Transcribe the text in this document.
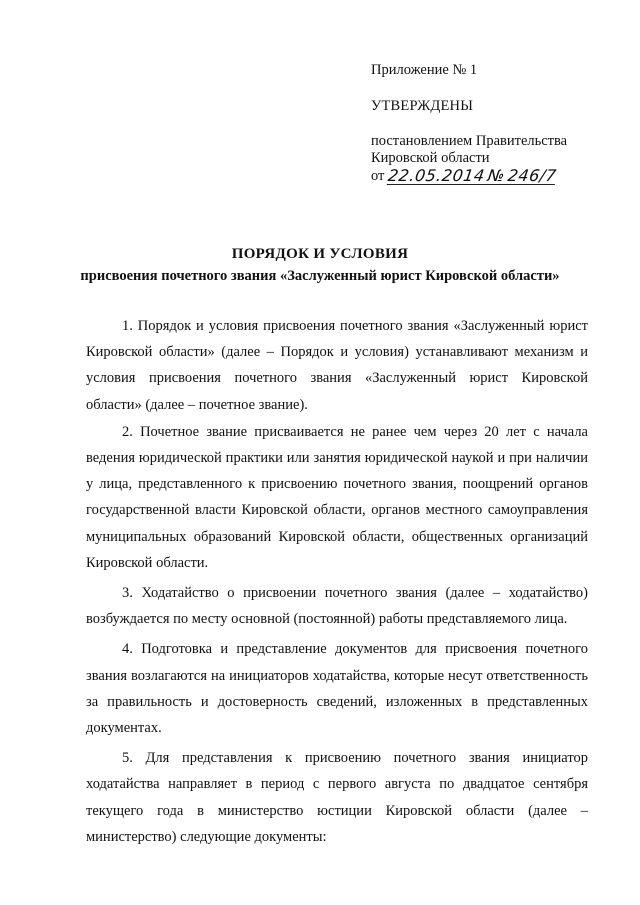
Приложение № 1
УТВЕРЖДЕНЫ
постановлением Правительства
Кировской области
от 22.05.2014№246/7
ПОРЯДОК И УСЛОВИЯ
присвоения почетного звания «Заслуженный юрист Кировской области»

1. Порядок и условия присвоения почетного звания «Заслуженный юрист Кировской области» (далее – Порядок и условия) устанавливают механизм и условия присвоения почетного звания «Заслуженный юрист Кировской области» (далее – почетное звание).

2. Почетное звание присваивается не ранее чем через 20 лет с начала ведения юридической практики или занятия юридической наукой и при наличии у лица, представленного к присвоению почетного звания, поощрений органов государственной власти Кировской области, органов местного самоуправления муниципальных образований Кировской области, общественных организаций Кировской области.

3. Ходатайство о присвоении почетного звания (далее – ходатайство) возбуждается по месту основной (постоянной) работы представляемого лица.

4. Подготовка и представление документов для присвоения почетного звания возлагаются на инициаторов ходатайства, которые несут ответственность за правильность и достоверность сведений, изложенных в представленных документах.

5. Для представления к присвоению почетного звания инициатор ходатайства направляет в период с первого августа по двадцатое сентября текущего года в министерство юстиции Кировской области (далее – министерство) следующие документы:
